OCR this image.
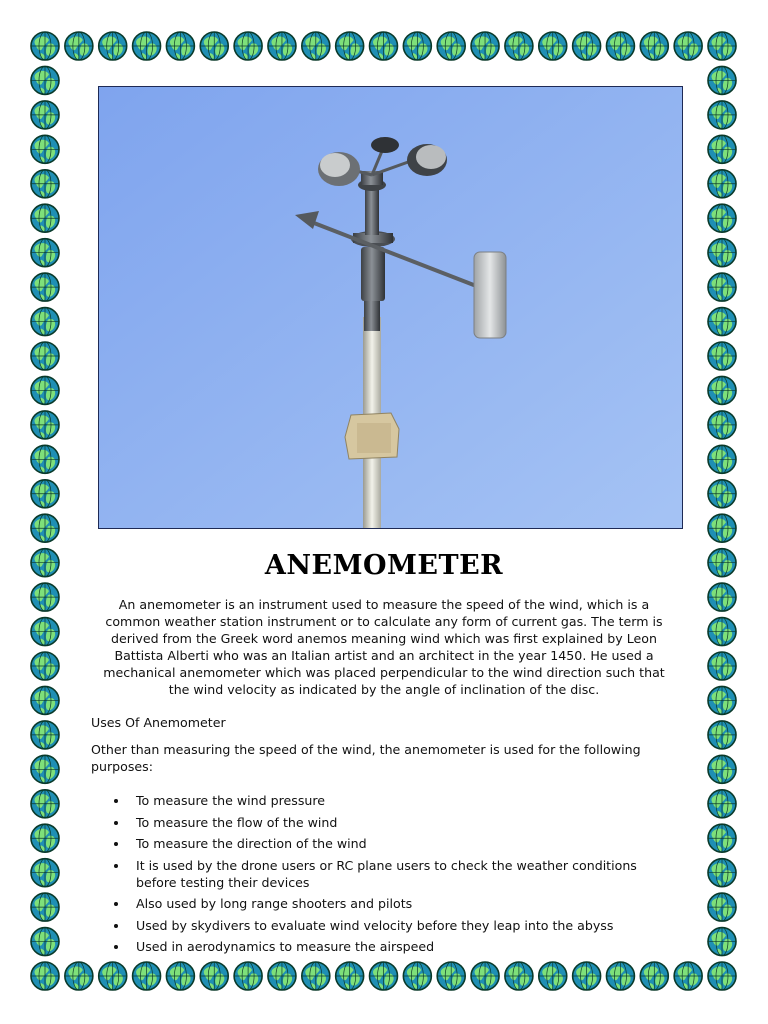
ANEMOMETER

An anemometer is an instrument used to measure the speed of the wind, which is a common weather station instrument or to calculate any form of current gas. The term is derived from the Greek word anemos meaning wind which was first explained by Leon Battista Alberti who was an Italian artist and an architect in the year 1450. He used a mechanical anemometer which was placed perpendicular to the wind direction such that the wind velocity as indicated by the angle of inclination of the disc.

Uses Of Anemometer

Other than measuring the speed of the wind, the anemometer is used for the following purposes:

To measure the wind pressure
To measure the flow of the wind
To measure the direction of the wind
It is used by the drone users or RC plane users to check the weather conditions before testing their devices
Also used by long range shooters and pilots
Used by skydivers to evaluate wind velocity before they leap into the abyss
Used in aerodynamics to measure the airspeed
